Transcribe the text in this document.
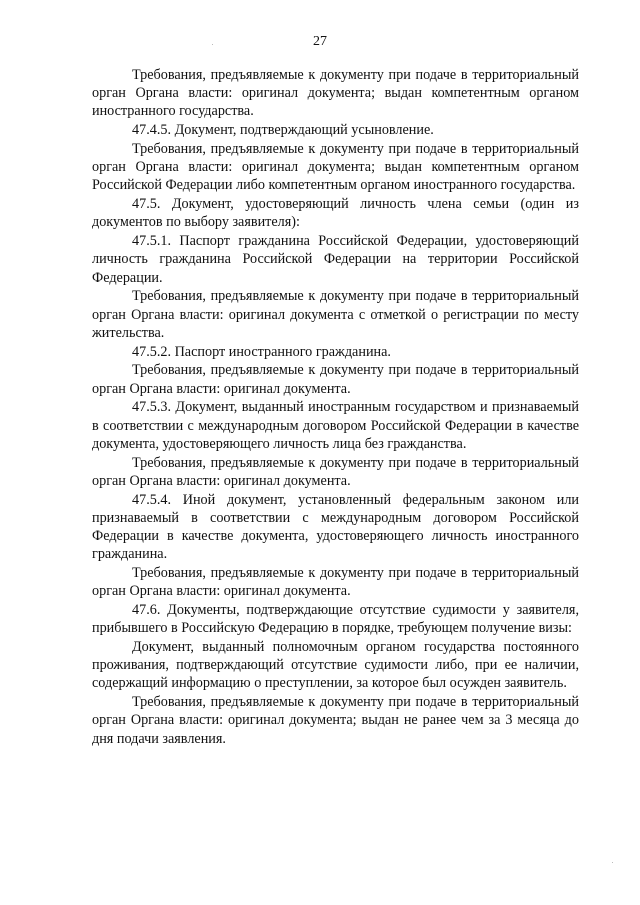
27

Требования, предъявляемые к документу при подаче в территориальный орган Органа власти: оригинал документа; выдан компетентным органом иностранного государства.

47.4.5. Документ, подтверждающий усыновление.

Требования, предъявляемые к документу при подаче в территориальный орган Органа власти: оригинал документа; выдан компетентным органом Российской Федерации либо компетентным органом иностранного государства.

47.5. Документ, удостоверяющий личность члена семьи (один из документов по выбору заявителя):

47.5.1. Паспорт гражданина Российской Федерации, удостоверяющий личность гражданина Российской Федерации на территории Российской Федерации.

Требования, предъявляемые к документу при подаче в территориальный орган Органа власти: оригинал документа с отметкой о регистрации по месту жительства.

47.5.2. Паспорт иностранного гражданина.

Требования, предъявляемые к документу при подаче в территориальный орган Органа власти: оригинал документа.

47.5.3. Документ, выданный иностранным государством и признаваемый в соответствии с международным договором Российской Федерации в качестве документа, удостоверяющего личность лица без гражданства.

Требования, предъявляемые к документу при подаче в территориальный орган Органа власти: оригинал документа.

47.5.4. Иной документ, установленный федеральным законом или признаваемый в соответствии с международным договором Российской Федерации в качестве документа, удостоверяющего личность иностранного гражданина.

Требования, предъявляемые к документу при подаче в территориальный орган Органа власти: оригинал документа.

47.6. Документы, подтверждающие отсутствие судимости у заявителя, прибывшего в Российскую Федерацию в порядке, требующем получение визы:

Документ, выданный полномочным органом государства постоянного проживания, подтверждающий отсутствие судимости либо, при ее наличии, содержащий информацию о преступлении, за которое был осужден заявитель.

Требования, предъявляемые к документу при подаче в территориальный орган Органа власти: оригинал документа; выдан не ранее чем за 3 месяца до дня подачи заявления.
